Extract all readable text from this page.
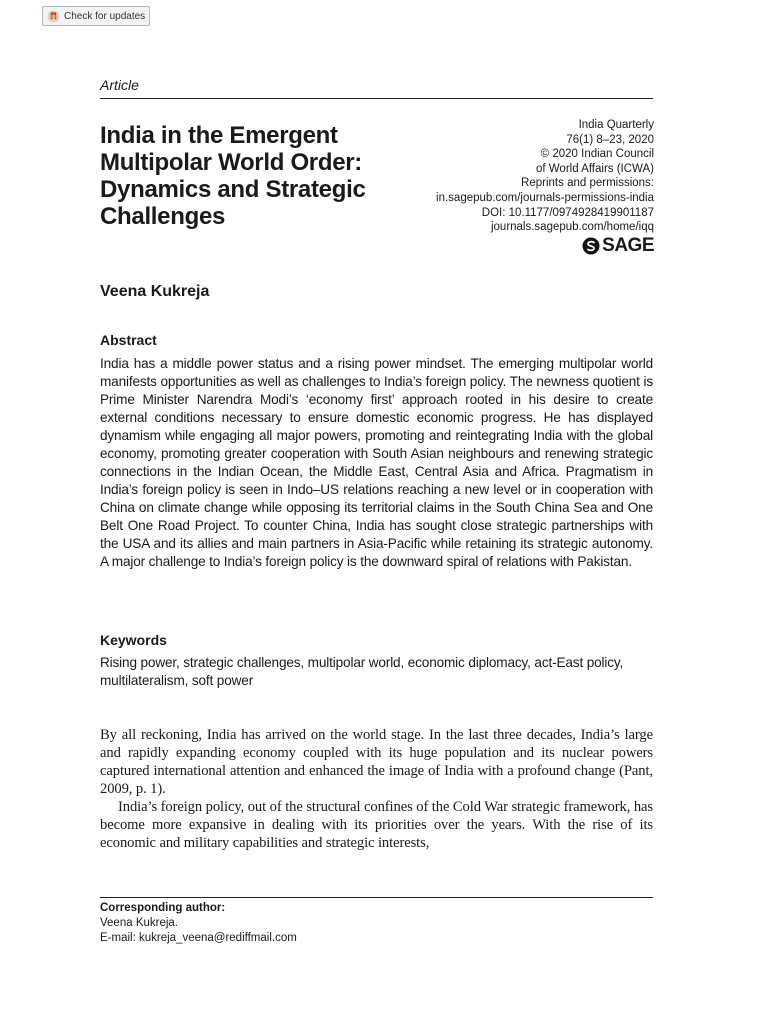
Check for updates
Article
India in the Emergent
Multipolar World Order:
Dynamics and Strategic
Challenges
India Quarterly
76(1) 8–23, 2020
© 2020 Indian Council
of World Affairs (ICWA)
Reprints and permissions:
in.sagepub.com/journals-permissions-india
DOI: 10.1177/0974928419901187
journals.sagepub.com/home/iqq
SAGE
Veena Kukreja
Abstract
India has a middle power status and a rising power mindset. The emerging multipolar world manifests opportunities as well as challenges to India’s foreign policy. The newness quotient is Prime Minister Narendra Modi’s ‘economy first’ approach rooted in his desire to create external conditions necessary to ensure domestic economic progress. He has displayed dynamism while engaging all major powers, promoting and reintegrating India with the global economy, promoting greater cooperation with South Asian neighbours and renewing strategic connections in the Indian Ocean, the Middle East, Central Asia and Africa. Pragmatism in India’s foreign policy is seen in Indo–US relations reaching a new level or in cooperation with China on climate change while opposing its territorial claims in the South China Sea and One Belt One Road Project. To counter China, India has sought close strategic partnerships with the USA and its allies and main partners in Asia-Pacific while retaining its strategic autonomy. A major challenge to India’s foreign policy is the downward spiral of relations with Pakistan.
Keywords
Rising power, strategic challenges, multipolar world, economic diplomacy, act-East policy, multilateralism, soft power

By all reckoning, India has arrived on the world stage. In the last three decades, India’s large and rapidly expanding economy coupled with its huge population and its nuclear powers captured international attention and enhanced the image of India with a profound change (Pant, 2009, p. 1).

India’s foreign policy, out of the structural confines of the Cold War strategic framework, has become more expansive in dealing with its priorities over the years. With the rise of its economic and military capabilities and strategic interests,

Corresponding author:
Veena Kukreja.
E-mail: kukreja_veena@rediffmail.com
